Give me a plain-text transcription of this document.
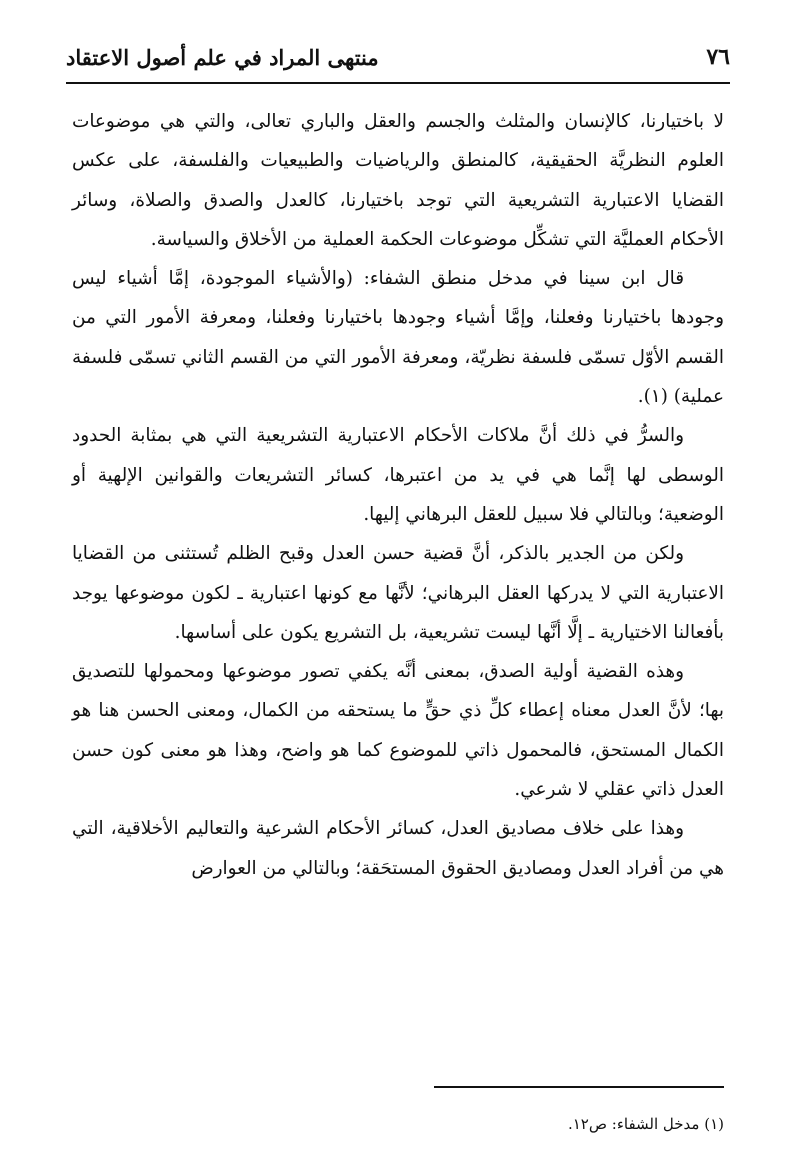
٧٦
منتهى المراد في علم أصول الاعتقاد

لا باختيارنا، كالإنسان والمثلث والجسم والعقل والباري تعالى، والتي هي موضوعات العلوم النظريَّة الحقيقية، كالمنطق والرياضيات والطبيعيات والفلسفة، على عكس القضايا الاعتبارية التشريعية التي توجد باختيارنا، كالعدل والصدق والصلاة، وسائر الأحكام العمليَّة التي تشكِّل موضوعات الحكمة العملية من الأخلاق والسياسة.

قال ابن سينا في مدخل منطق الشفاء: (والأشياء الموجودة، إمَّا أشياء ليس وجودها باختيارنا وفعلنا، وإمَّا أشياء وجودها باختيارنا وفعلنا، ومعرفة الأمور التي من القسم الأوّل تسمّى فلسفة نظريّة، ومعرفة الأمور التي من القسم الثاني تسمّى فلسفة عملية) (١).

والسرُّ في ذلك أنَّ ملاكات الأحكام الاعتبارية التشريعية التي هي بمثابة الحدود الوسطى لها إنَّما هي في يد من اعتبرها، كسائر التشريعات والقوانين الإلهية أو الوضعية؛ وبالتالي فلا سبيل للعقل البرهاني إليها.

ولكن من الجدير بالذكر، أنَّ قضية حسن العدل وقبح الظلم تُستثنى من القضايا الاعتبارية التي لا يدركها العقل البرهاني؛ لأنَّها مع كونها اعتبارية ـ لكون موضوعها يوجد بأفعالنا الاختيارية ـ إلَّا أنَّها ليست تشريعية، بل التشريع يكون على أساسها.

وهذه القضية أولية الصدق، بمعنى أنَّه يكفي تصور موضوعها ومحمولها للتصديق بها؛ لأنَّ العدل معناه إعطاء كلِّ ذي حقٍّ ما يستحقه من الكمال، ومعنى الحسن هنا هو الكمال المستحق، فالمحمول ذاتي للموضوع كما هو واضح، وهذا هو معنى كون حسن العدل ذاتي عقلي لا شرعي.

وهذا على خلاف مصاديق العدل، كسائر الأحكام الشرعية والتعاليم الأخلاقية، التي هي من أفراد العدل ومصاديق الحقوق المستحَقة؛ وبالتالي من العوارض

(١) مدخل الشفاء: ص١٢.
